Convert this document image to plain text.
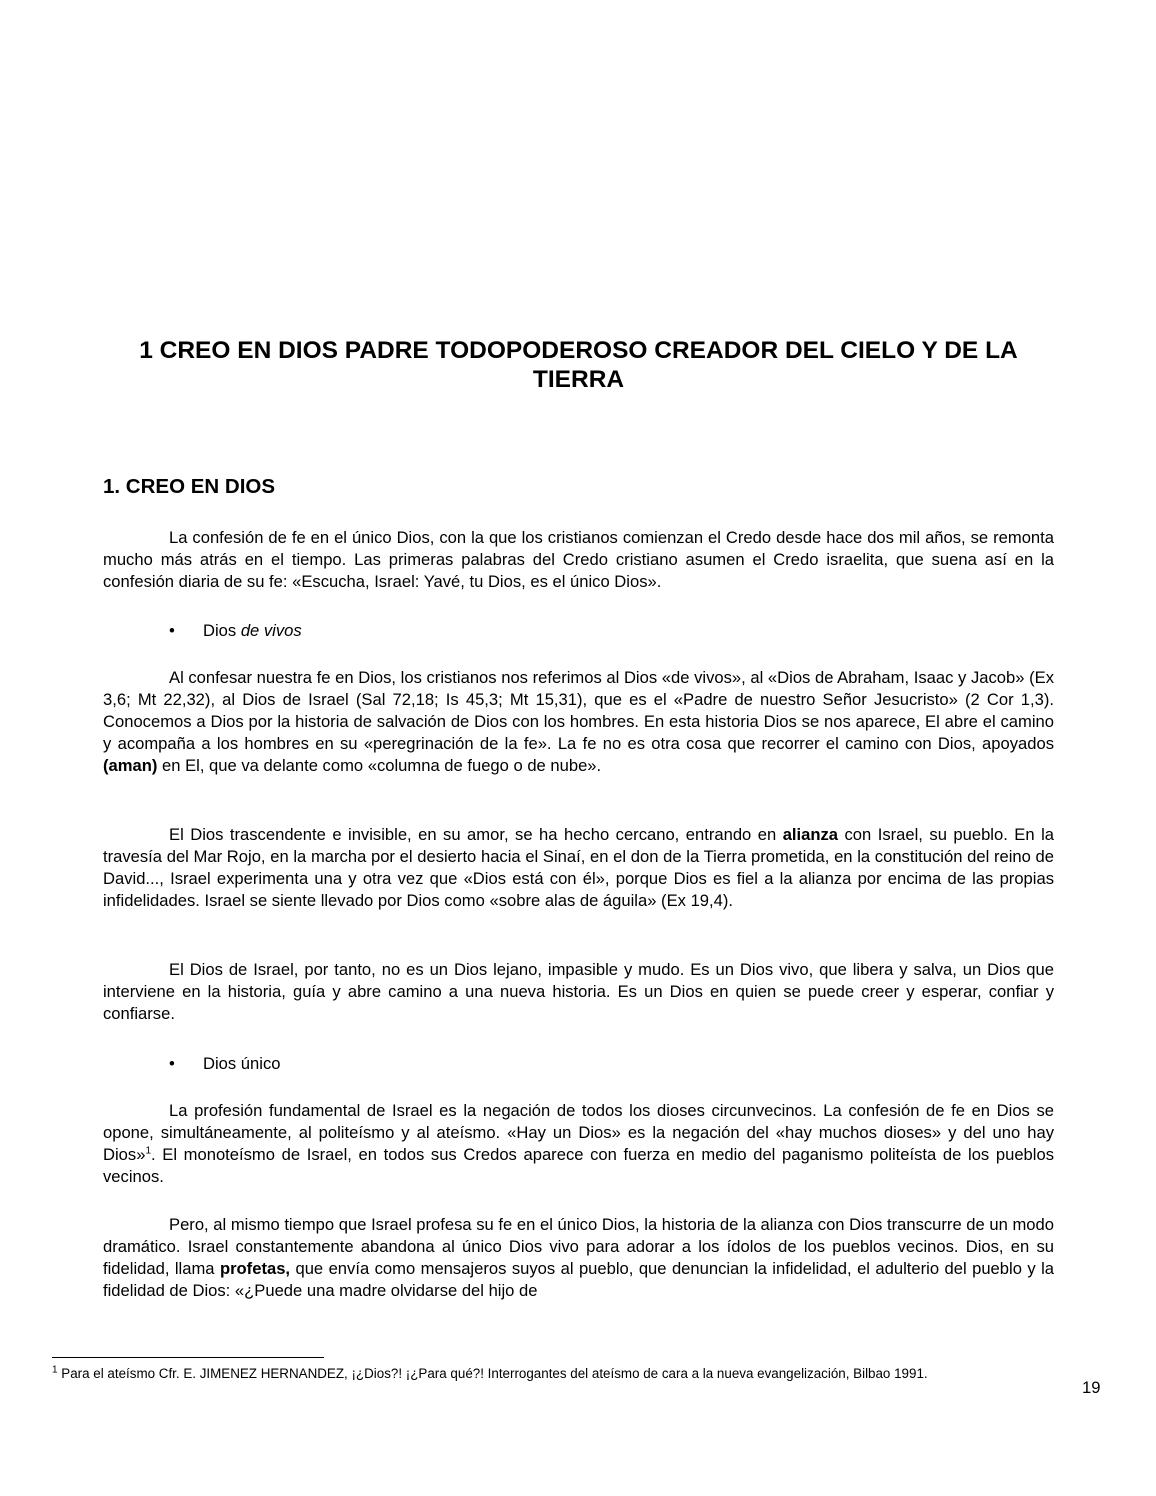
1 CREO EN DIOS PADRE TODOPODEROSO CREADOR DEL CIELO Y DE LA TIERRA
1. CREO EN DIOS

La confesión de fe en el único Dios, con la que los cristianos comienzan el Credo desde hace dos mil años, se remonta mucho más atrás en el tiempo. Las primeras palabras del Credo cristiano asumen el Credo israelita, que suena así en la confesión diaria de su fe: «Escucha, Israel: Yavé, tu Dios, es el único Dios».

• Dios de vivos

Al confesar nuestra fe en Dios, los cristianos nos referimos al Dios «de vivos», al «Dios de Abraham, Isaac y Jacob» (Ex 3,6; Mt 22,32), al Dios de Israel (Sal 72,18; Is 45,3; Mt 15,31), que es el «Padre de nuestro Señor Jesucristo» (2 Cor 1,3). Conocemos a Dios por la historia de salvación de Dios con los hombres. En esta historia Dios se nos aparece, El abre el camino y acompaña a los hombres en su «peregrinación de la fe». La fe no es otra cosa que recorrer el camino con Dios, apoyados (aman) en El, que va delante como «columna de fuego o de nube».

El Dios trascendente e invisible, en su amor, se ha hecho cercano, entrando en alianza con Israel, su pueblo. En la travesía del Mar Rojo, en la marcha por el desierto hacia el Sinaí, en el don de la Tierra prometida, en la constitución del reino de David..., Israel experimenta una y otra vez que «Dios está con él», porque Dios es fiel a la alianza por encima de las propias infidelidades. Israel se siente llevado por Dios como «sobre alas de águila» (Ex 19,4).

El Dios de Israel, por tanto, no es un Dios lejano, impasible y mudo. Es un Dios vivo, que libera y salva, un Dios que interviene en la historia, guía y abre camino a una nueva historia. Es un Dios en quien se puede creer y esperar, confiar y confiarse.

• Dios único

La profesión fundamental de Israel es la negación de todos los dioses circunvecinos. La confesión de fe en Dios se opone, simultáneamente, al politeísmo y al ateísmo. «Hay un Dios» es la negación del «hay muchos dioses» y del uno hay Dios»$^1$. El monoteísmo de Israel, en todos sus Credos aparece con fuerza en medio del paganismo politeísta de los pueblos vecinos.

Pero, al mismo tiempo que Israel profesa su fe en el único Dios, la historia de la alianza con Dios transcurre de un modo dramático. Israel constantemente abandona al único Dios vivo para adorar a los ídolos de los pueblos vecinos. Dios, en su fidelidad, llama profetas, que envía como mensajeros suyos al pueblo, que denuncian la infidelidad, el adulterio del pueblo y la fidelidad de Dios: «¿Puede una madre olvidarse del hijo de

$^1$ Para el ateísmo Cfr. E. JIMENEZ HERNANDEZ, ¡¿Dios?! ¡¿Para qué?! Interrogantes del ateísmo de cara a la nueva evangelización, Bilbao 1991.

19
